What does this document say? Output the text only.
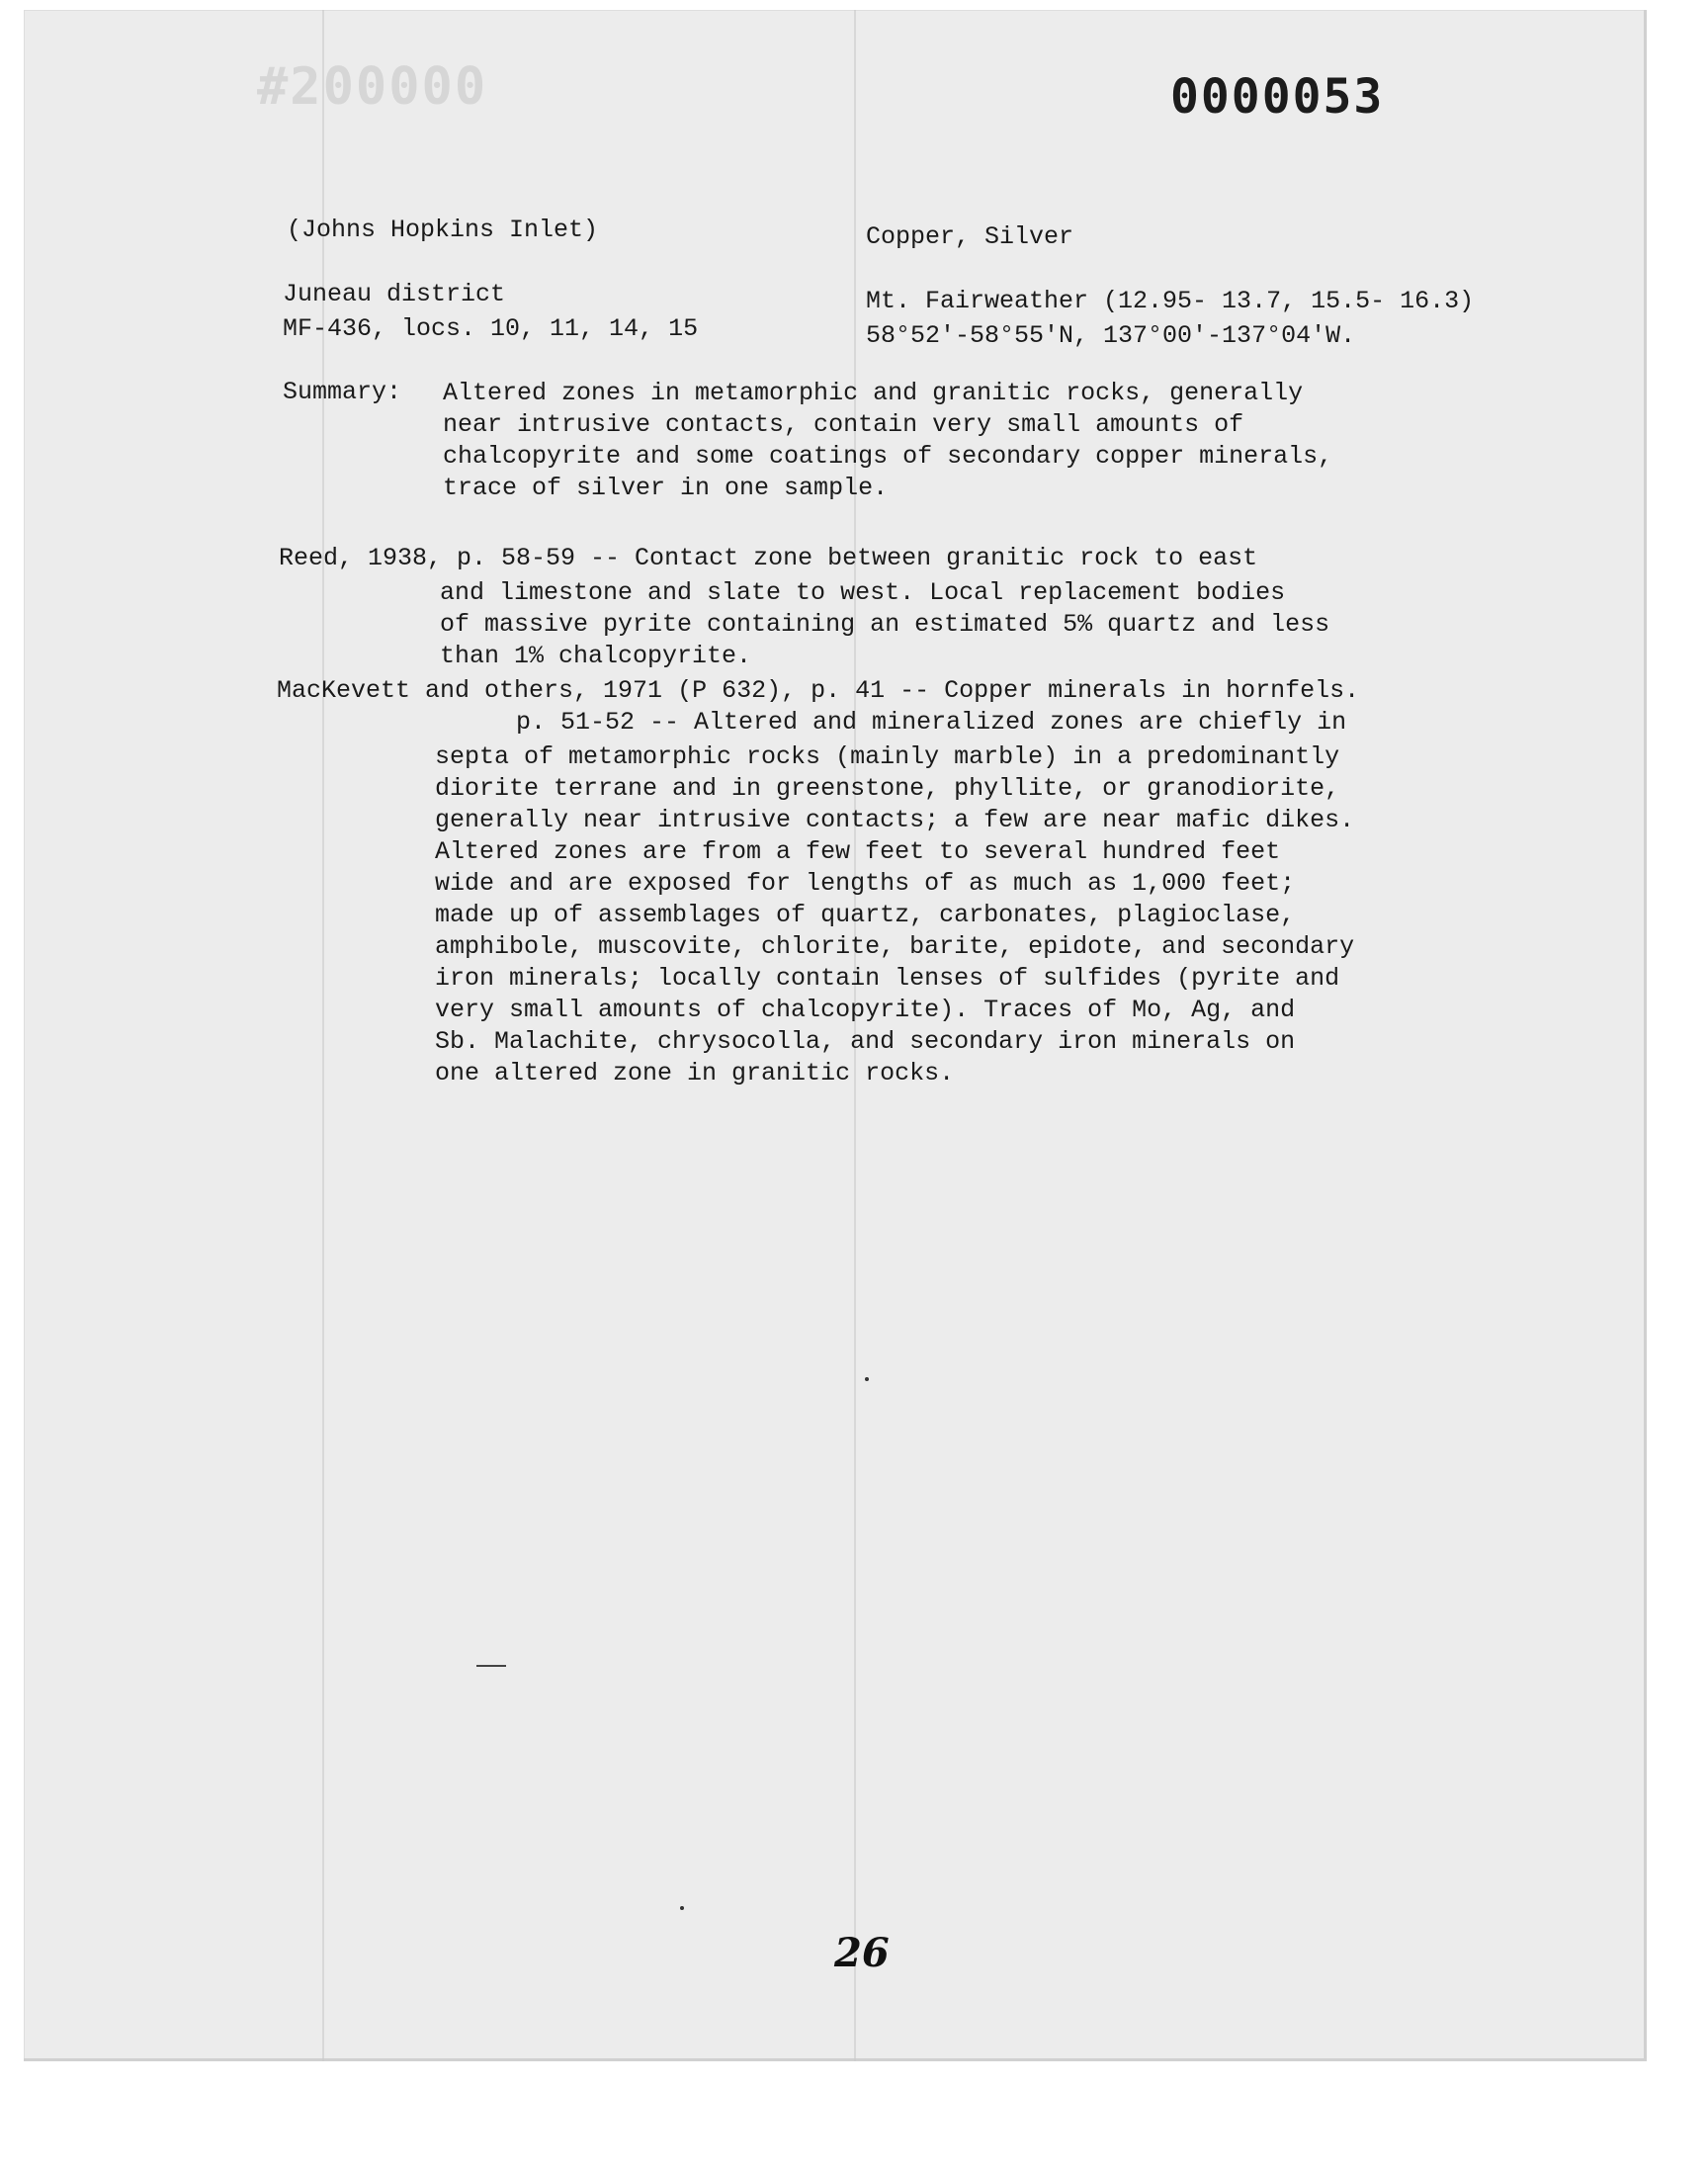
#200000	0000053
(Johns Hopkins Inlet)	Copper, Silver
Juneau district
MF-436, locs. 10, 11, 14, 15
Mt. Fairweather (12.95- 13.7, 15.5- 16.3)
58°52'-58°55'N, 137°00'-137°04'W.
Summary: Altered zones in metamorphic and granitic rocks, generally
near intrusive contacts, contain very small amounts of
chalcopyrite and some coatings of secondary copper minerals,
trace of silver in one sample.
Reed, 1938, p. 58-59 -- Contact zone between granitic rock to east
and limestone and slate to west. Local replacement bodies
of massive pyrite containing an estimated 5% quartz and less
than 1% chalcopyrite.
MacKevett and others, 1971 (P 632), p. 41 -- Copper minerals in hornfels.
p. 51-52 -- Altered and mineralized zones are chiefly in
septa of metamorphic rocks (mainly marble) in a predominantly
diorite terrane and in greenstone, phyllite, or granodiorite,
generally near intrusive contacts; a few are near mafic dikes.
Altered zones are from a few feet to several hundred feet
wide and are exposed for lengths of as much as 1,000 feet;
made up of assemblages of quartz, carbonates, plagioclase,
amphibole, muscovite, chlorite, barite, epidote, and secondary
iron minerals; locally contain lenses of sulfides (pyrite and
very small amounts of chalcopyrite). Traces of Mo, Ag, and
Sb. Malachite, chrysocolla, and secondary iron minerals on
one altered zone in granitic rocks.
26
